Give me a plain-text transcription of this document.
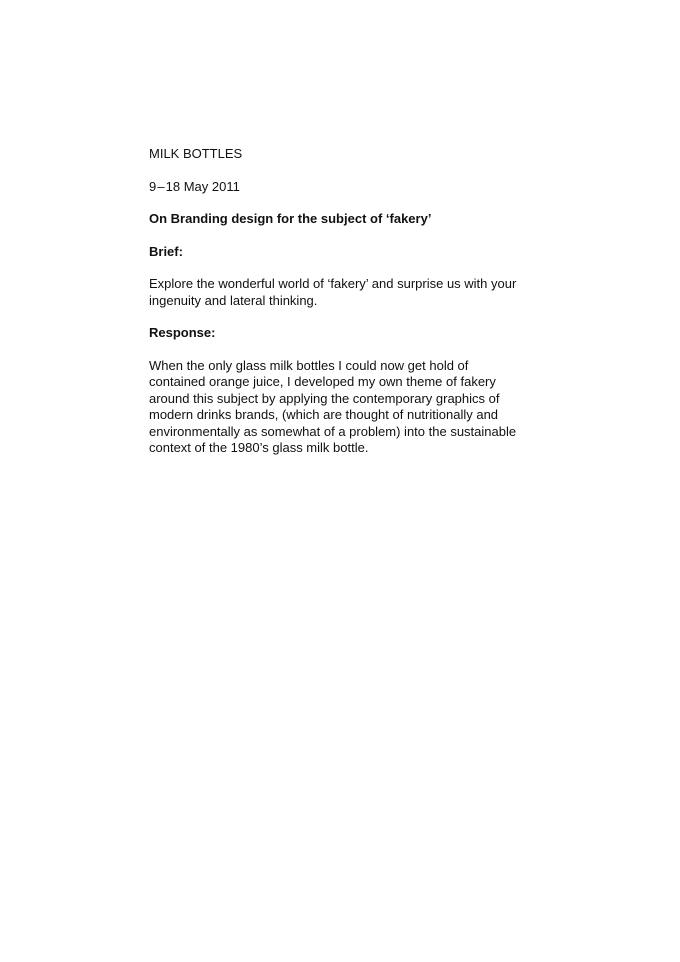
MILK BOTTLES

9 – 18 May 2011

On Branding design for the subject of ‘fakery’

Brief:

Explore the wonderful world of ‘fakery’ and surprise us with your
ingenuity and lateral thinking.

Response:

When the only glass milk bottles I could now get hold of
contained orange juice, I developed my own theme of fakery
around this subject by applying the contemporary graphics of
modern drinks brands, (which are thought of nutritionally and
environmentally as somewhat of a problem) into the sustainable
context of the 1980’s glass milk bottle.
